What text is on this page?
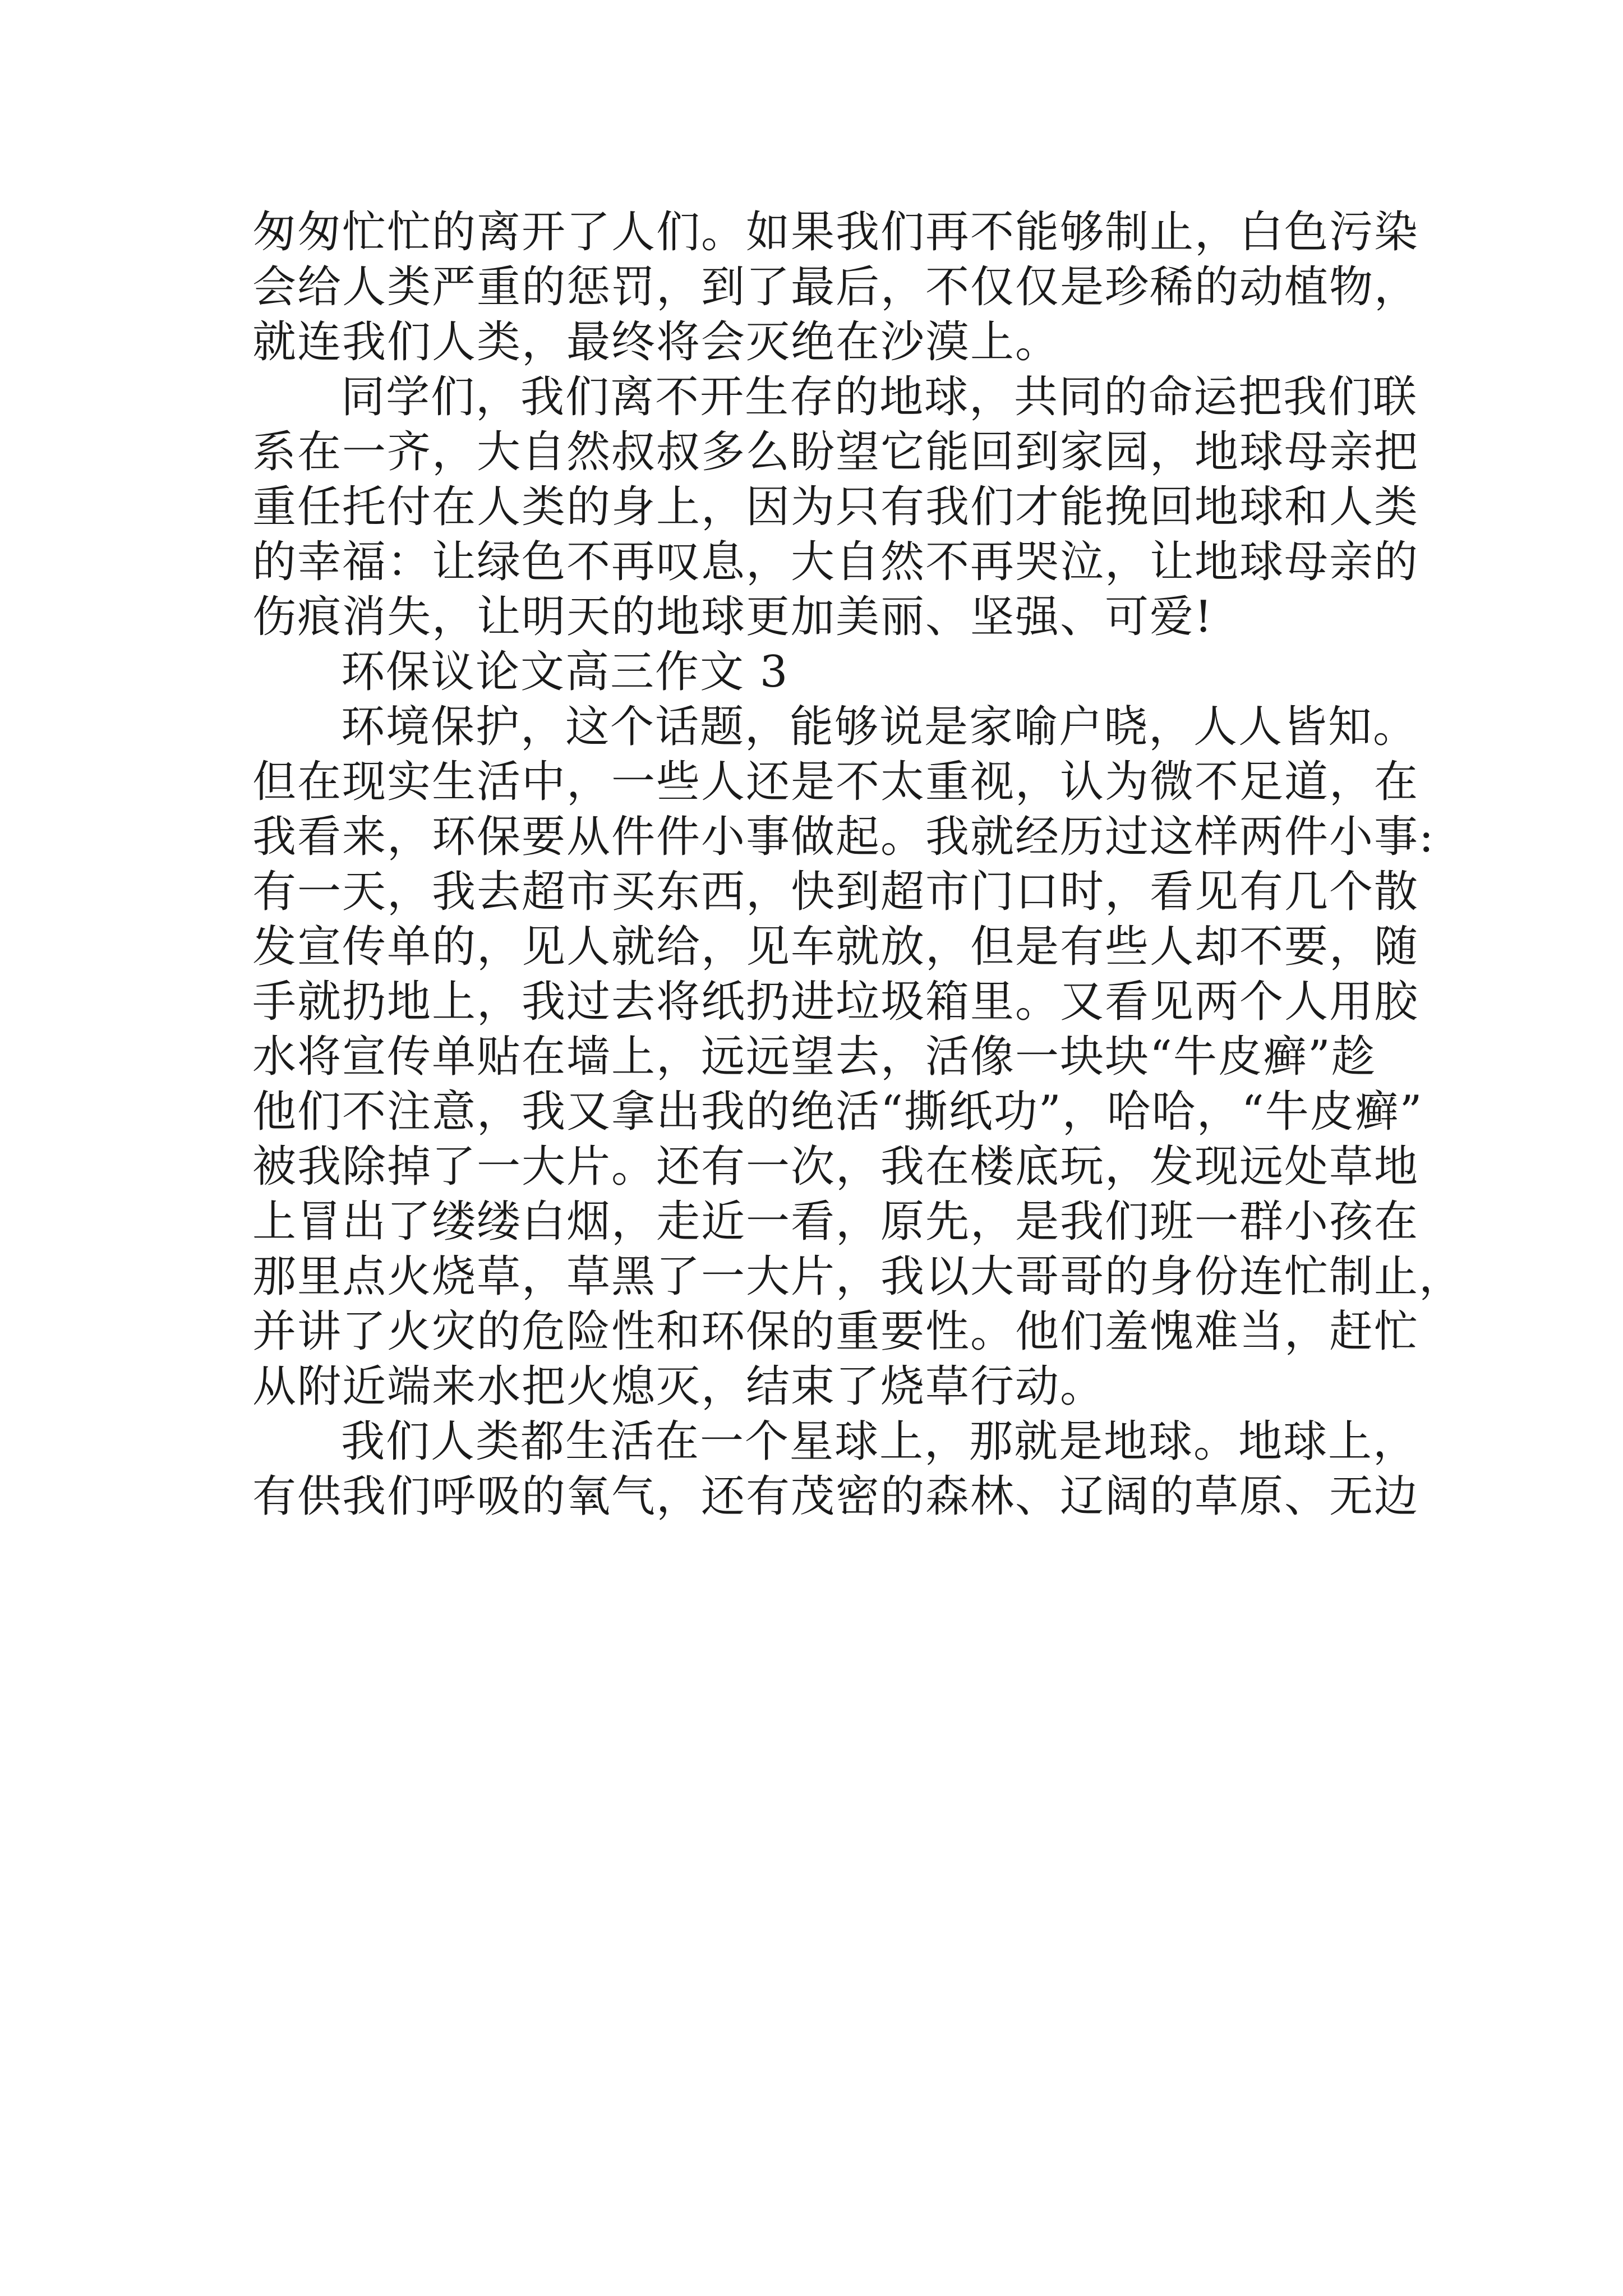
匆匆忙忙的离开了人们。如果我们再不能够制止，白色污染

会给人类严重的惩罚，到了最后，不仅仅是珍稀的动植物，

就连我们人类，最终将会灭绝在沙漠上。

同学们，我们离不开生存的地球，共同的命运把我们联

系在一齐，大自然叔叔多么盼望它能回到家园，地球母亲把

重任托付在人类的身上，因为只有我们才能挽回地球和人类

的幸福：让绿色不再叹息，大自然不再哭泣，让地球母亲的

伤痕消失，让明天的地球更加美丽、坚强、可爱!

环保议论文高三作文 3

环境保护，这个话题，能够说是家喻户晓，人人皆知。

但在现实生活中，一些人还是不太重视，认为微不足道，在

我看来，环保要从件件小事做起。我就经历过这样两件小事:

有一天，我去超市买东西，快到超市门口时，看见有几个散

发宣传单的，见人就给，见车就放，但是有些人却不要，随

手就扔地上，我过去将纸扔进垃圾箱里。又看见两个人用胶

水将宣传单贴在墙上，远远望去，活像一块块“牛皮癣”趁

他们不注意，我又拿出我的绝活“撕纸功”，哈哈，“牛皮癣”

被我除掉了一大片。还有一次，我在楼底玩，发现远处草地

上冒出了缕缕白烟，走近一看，原先，是我们班一群小孩在

那里点火烧草，草黑了一大片，我以大哥哥的身份连忙制止，

并讲了火灾的危险性和环保的重要性。他们羞愧难当，赶忙

从附近端来水把火熄灭，结束了烧草行动。

我们人类都生活在一个星球上，那就是地球。地球上，

有供我们呼吸的氧气，还有茂密的森林、辽阔的草原、无边
